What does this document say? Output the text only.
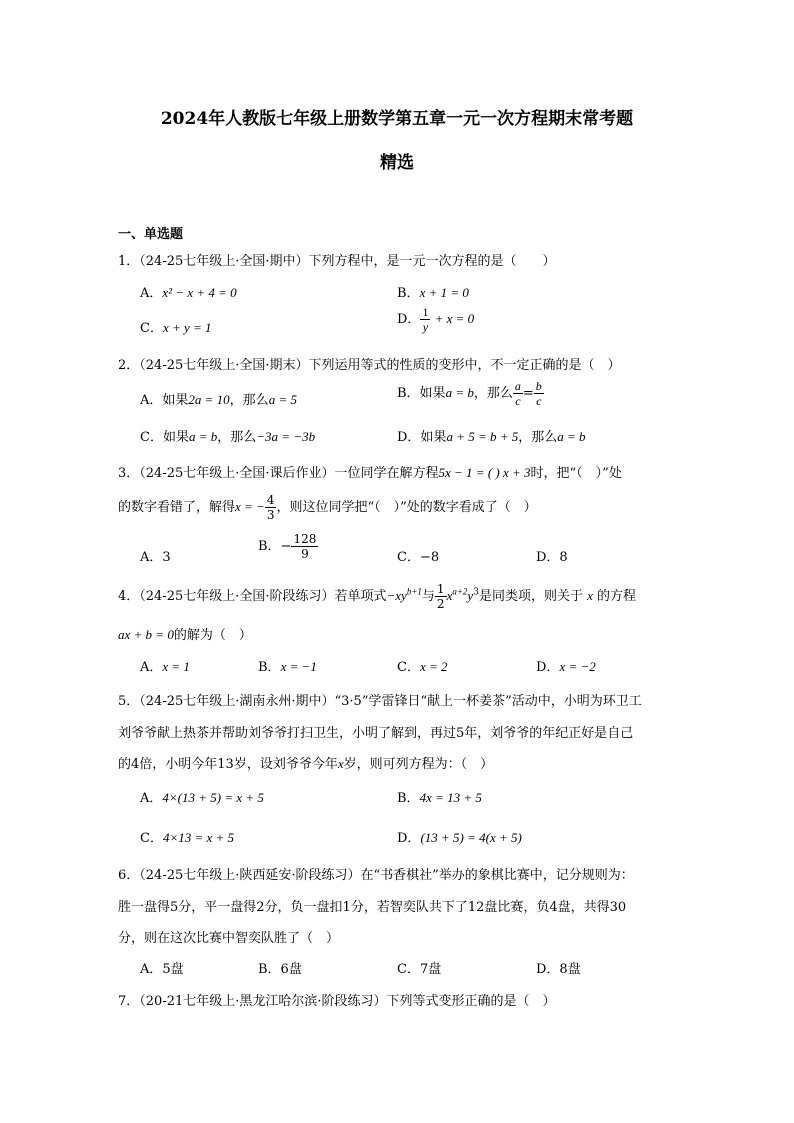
2024年人教版七年级上册数学第五章一元一次方程期末常考题
精选
一、单选题
1．（24-25七年级上·全国·期中）下列方程中，是一元一次方程的是（　　）
A．x² − x + 4 = 0	B．x + 1 = 0
C．x + y = 1
D． $\frac{1}{y} + x = 0$
2．（24-25七年级上·全国·期末）下列运用等式的性质的变形中，不一定正确的是（　）
A．如果2a = 10，那么a = 5	B．如果a = b，那么 $\frac{a}{c} = \frac{b}{c}$
C．如果a = b，那么−3a = −3b	D．如果a + 5 = b + 5，那么a = b
3．（24-25七年级上·全国·课后作业）一位同学在解方程5x − 1 = ( ) x + 3时，把“（　）”处
的数字看错了，解得x = − $\frac{4}{3}$ ，则这位同学把“（　）”处的数字看成了（　）
A．3
B．− $\frac{128}{9}$	C．−8	D．8
4．（24-25七年级上·全国·阶段练习）若单项式$-xy^{b+1}$与 $\frac{1}{2} x^{a+2}y^3$是同类项，则关于 x 的方程
ax + b = 0的解为（　）
A．x = 1	B．x = −1	C．x = 2	D．x = −2
5．（24-25七年级上·湖南永州·期中）“3·5”学雷锋日“献上一杯姜茶”活动中，小明为环卫工
刘爷爷献上热茶并帮助刘爷爷打扫卫生，小明了解到，再过5年，刘爷爷的年纪正好是自己
的4倍，小明今年13岁，设刘爷爷今年x岁，则可列方程为：（　）
A．4×(13 + 5) = x + 5	B．4x = 13 + 5
C．4×13 = x + 5	D．(13 + 5) = 4(x + 5)
6．（24-25七年级上·陕西延安·阶段练习）在“书香棋社”举办的象棋比赛中，记分规则为：
胜一盘得5分，平一盘得2分，负一盘扣1分，若智奕队共下了12盘比赛，负4盘，共得30
分，则在这次比赛中智奕队胜了（　）
A．5盘	B．6盘	C．7盘	D．8盘
7．（20-21七年级上·黑龙江哈尔滨·阶段练习）下列等式变形正确的是（　）
